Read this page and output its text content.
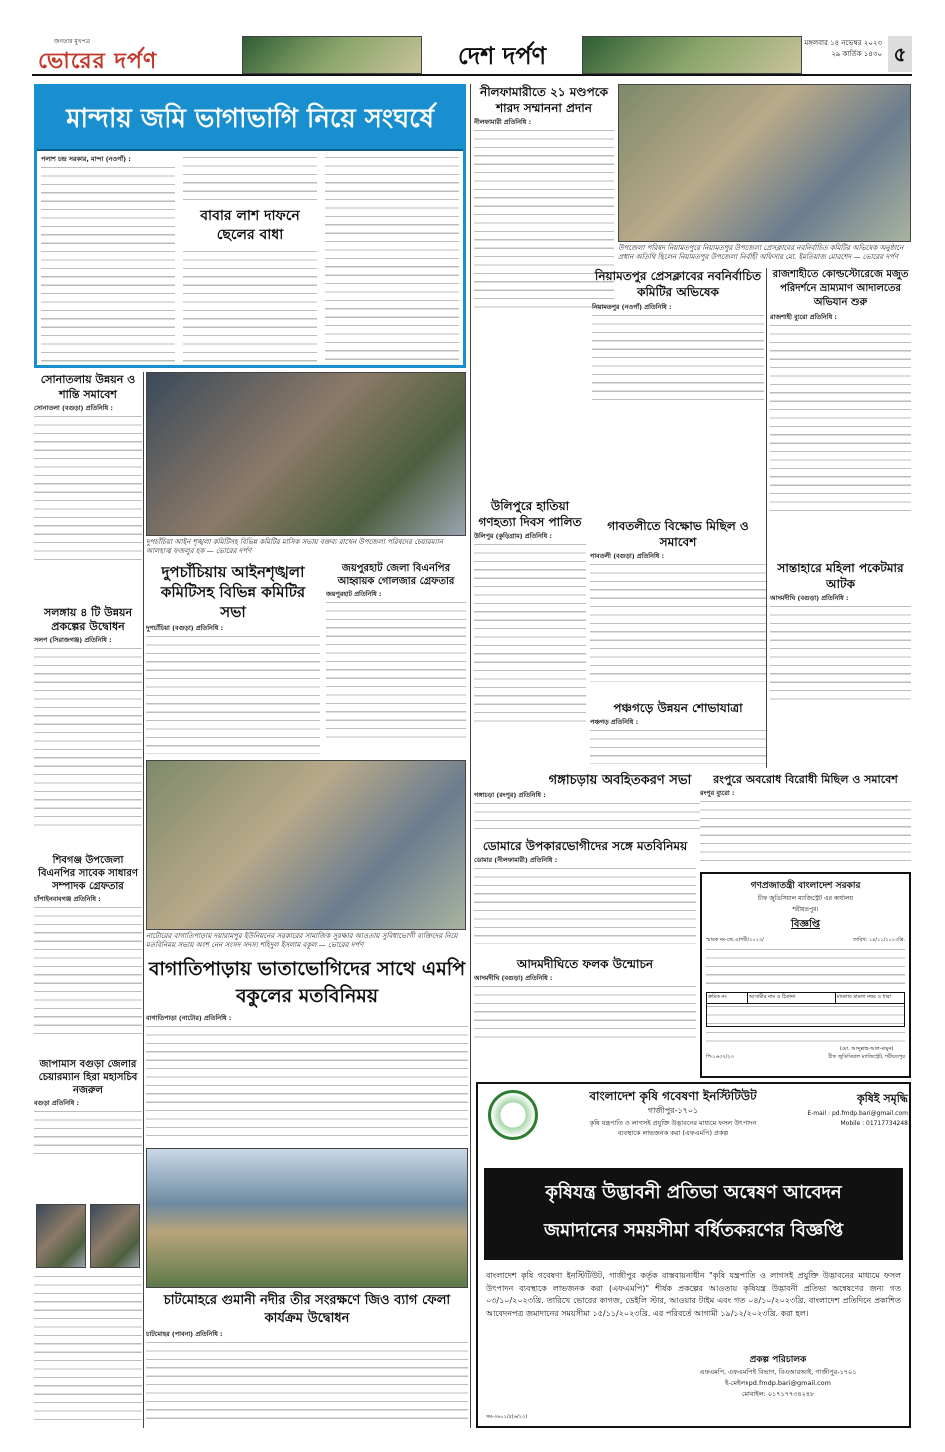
জনতার মুখপত্র
ভোরের দর্পণ	দেশ দর্পণ	মঙ্গলবার ১৪ নভেম্বর ২০২৩
২৯ কার্তিক ১৪৩০ ৫
মান্দায় জমি ভাগাভাগি নিয়ে সংঘর্ষে
পলাশ চন্দ্র সরকার, মান্দা (নওগাঁ) :
বাবার লাশ দাফনে ছেলের বাধা
নীলফামারীতে ২১ মণ্ডপকে শারদ সম্মাননা প্রদান
নীলফামারী প্রতিনিধি :
উপজেলা পরিষদ নিয়ামতপুরে নিয়ামতপুর উপজেলা প্রেসক্লাবের নবনির্বাচিত কমিটির অভিষেক অনুষ্ঠানে প্রধান অতিথি ছিলেন নিয়ামতপুর উপজেলা নির্বাহী অফিসার মো. ইমতিয়াজ মোরশেদ — ভোরের দর্পণ
নিয়ামতপুর প্রেসক্লাবের নবনির্বাচিত কমিটির অভিষেক
নিয়ামতপুর (নওগাঁ) প্রতিনিধি :
রাজশাহীতে কোল্ডস্টোরেজে মজুত পরিদর্শনে ভ্রাম্যমাণ আদালতের অভিযান শুরু
রাজশাহী ব্যুরো প্রতিনিধি :
সোনাতলায় উন্নয়ন ও শান্তি সমাবেশ
সোনাতলা (বগুড়া) প্রতিনিধি :
দুপচাঁচিয়া আইন শৃঙ্খলা কমিটিসহ বিভিন্ন কমিটির মাসিক সভায় বক্তব্য রাখেন উপজেলা পরিষদের চেয়ারম্যান আলহাজ্ব ফজলুর হক — ভোরের দর্পণ
দুপচাঁচিয়ায় আইনশৃঙ্খলা কমিটিসহ বিভিন্ন কমিটির সভা
দুপচাঁচিয়া (বগুড়া) প্রতিনিধি :
জয়পুরহাট জেলা বিএনপির আহ্বায়ক গোলজার গ্রেফতার
জয়পুরহাট প্রতিনিধি :
উলিপুরে হাতিয়া গণহত্যা দিবস পালিত
উলিপুর (কুড়িগ্রাম) প্রতিনিধি :
গাবতলীতে বিক্ষোভ মিছিল ও সমাবেশ
গাবতলী (বগুড়া) প্রতিনিধি :
সান্তাহারে মহিলা পকেটমার আটক
আদমদীঘি (বগুড়া) প্রতিনিধি :
পঞ্চগড়ে উন্নয়ন শোভাযাত্রা
পঞ্চগড় প্রতিনিধি :
সলঙ্গায় ৪ টি উন্নয়ন প্রকল্পের উদ্বোধন
সলপ (সিরাজগঞ্জ) প্রতিনিধি :
নাটোরের বাগাতিপাড়ায় দয়ারামপুর ইউনিয়নের সরকারের সামাজিক সুরক্ষার আওতায় সুবিধাভোগী ব্যক্তিদের নিয়ে মতবিনিময় সভায় অংশ নেন সংসদ সদস্য শহিদুল ইসলাম বকুল — ভোরের দর্পণ
গঙ্গাচড়ায় অবহিতকরণ সভা
গঙ্গাচড়া (রংপুর) প্রতিনিধি :
রংপুরে অবরোধ বিরোধী মিছিল ও সমাবেশ
রংপুর ব্যুরো :
ডোমারে উপকারভোগীদের সঙ্গে মতবিনিময়
ডোমার (নীলফামারী) প্রতিনিধি :
আদমদীঘিতে ফলক উন্মোচন
আদমদীঘি (বগুড়া) প্রতিনিধি :
গণপ্রজাতন্ত্রী বাংলাদেশ সরকার
চীফ জুডিসিয়াল ম্যাজিস্ট্রেট এর কার্যালয়
শরীয়তপুর।
বিজ্ঞপ্তি
স্মারক নং-জে.এ/শরী/২০২৩/	তারিখ: ১৪/১১/২০২৩খ্রি.
ক্রমিক নং	আসামীর নাম ও ঠিকানা	মামলার মামলা নম্বর ও ধারা
পি-১৬৩৭/২৩
(মো. আব্দুল্লাহ-আল-মামুন)
চীফ জুডিসিয়াল ম্যাজিস্ট্রেট, শরীয়তপুর
শিবগঞ্জ উপজেলা বিএনপির সাবেক সাধারণ সম্পাদক গ্রেফতার
চাঁপাইনবাবগঞ্জ প্রতিনিধি :
বাগাতিপাড়ায় ভাতাভোগিদের সাথে এমপি বকুলের মতবিনিময়
বাগাতিপাড়া (নাটোর) প্রতিনিধি :
জাপামাস বগুড়া জেলার চেয়ারম্যান হিরা মহাসচিব নজরুল
বগুড়া প্রতিনিধি :
চাটমোহরে গুমানী নদীর তীর সংরক্ষণে জিও ব্যাগ ফেলা কার্যক্রম উদ্বোধন
চাটমোহর (পাবনা) প্রতিনিধি :
বাংলাদেশ কৃষি গবেষণা ইনস্টিটিউট
গাজীপুর-১৭০১
কৃষি যন্ত্রপাতি ও লাগসই প্রযুক্তি উদ্ভাবনের মাধ্যমে ফসল উৎপাদন
ব্যবস্থাকে লাভজনক করা (এফএমপি) প্রকল্প
কৃষিই সমৃদ্ধি
E-mail : pd.fmdp.bari@gmail.com
Mobile : 01717734248
কৃষিযন্ত্র উদ্ভাবনী প্রতিভা অন্বেষণ আবেদন
জমাদানের সময়সীমা বর্ধিতকরণের বিজ্ঞপ্তি
বাংলাদেশ কৃষি গবেষণা ইনস্টিটিউট, গাজীপুর কর্তৃক বাস্তবায়নাধীন "কৃষি যন্ত্রপাতি ও লাগসই প্রযুক্তি উদ্ভাবনের মাধ্যমে ফসল উৎপাদন ব্যবস্থাকে লাভজনক করা (এফএমপি)" শীর্ষক প্রকল্পের আওতায় কৃষিযন্ত্র উদ্ভাবনী প্রতিভা অন্বেষণের জন্য গত ০৩/১০/২০২৩খ্রি. তারিখে ভোরের কাগজ, ডেইলি স্টার, আওয়ার টাইম এবং গত ০৪/১০/২০২৩খ্রি. বাংলাদেশ প্রতিদিনে প্রকাশিত আবেদনপত্র জমাদানের সময়সীমা ১৫/১১/২০২৩খ্রি. এর পরিবর্তে আগামী ১৯/১২/২০২৩খ্রি. করা হল।
প্রকল্প পরিচালক
এফএমপি, এফএমপিই বিভাগ, বিএআরআই, গাজীপুর-১৭০১
ই-মেইলঃpd.fmdp.bari@gmail.com
মোবাইল: ০১৭১৭৭৩৪২৪৮
সম-৩৬০১/৫(৬/২৩)
